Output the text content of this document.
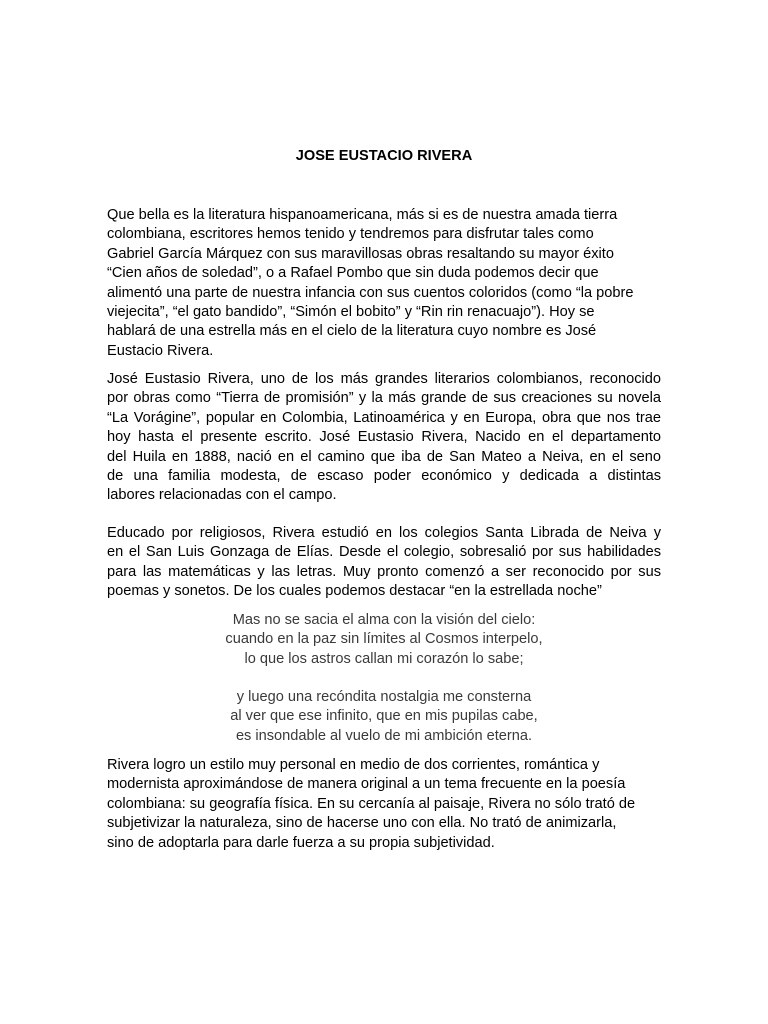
JOSE EUSTACIO RIVERA

Que bella es la literatura hispanoamericana, más si es de nuestra amada tierra
colombiana, escritores hemos tenido y tendremos para disfrutar tales como
Gabriel García Márquez con sus maravillosas obras resaltando su mayor éxito
“Cien años de soledad”, o a Rafael Pombo que sin duda podemos decir que
alimentó una parte de nuestra infancia con sus cuentos coloridos (como “la pobre
viejecita”, “el gato bandido”, “Simón el bobito” y “Rin rin renacuajo”). Hoy se
hablará de una estrella más en el cielo de la literatura cuyo nombre es José
Eustacio Rivera.

José Eustasio Rivera, uno de los más grandes literarios colombianos, reconocido
por obras como “Tierra de promisión” y la más grande de sus creaciones su novela
“La Vorágine”, popular en Colombia, Latinoamérica y en Europa, obra que nos trae
hoy hasta el presente escrito. José Eustasio Rivera, Nacido en el departamento
del Huila en 1888, nació en el camino que iba de San Mateo a Neiva, en el seno
de una familia modesta, de escaso poder económico y dedicada a distintas
labores relacionadas con el campo.

Educado por religiosos, Rivera estudió en los colegios Santa Librada de Neiva y
en el San Luis Gonzaga de Elías. Desde el colegio, sobresalió por sus habilidades
para las matemáticas y las letras. Muy pronto comenzó a ser reconocido por sus
poemas y sonetos. De los cuales podemos destacar “en la estrellada noche”

Mas no se sacia el alma con la visión del cielo:
cuando en la paz sin límites al Cosmos interpelo,
lo que los astros callan mi corazón lo sabe;

y luego una recóndita nostalgia me consterna
al ver que ese infinito, que en mis pupilas cabe,
es insondable al vuelo de mi ambición eterna.

Rivera logro un estilo muy personal en medio de dos corrientes, romántica y
modernista aproximándose de manera original a un tema frecuente en la poesía
colombiana: su geografía física. En su cercanía al paisaje, Rivera no sólo trató de
subjetivizar la naturaleza, sino de hacerse uno con ella. No trató de animizarla,
sino de adoptarla para darle fuerza a su propia subjetividad.
